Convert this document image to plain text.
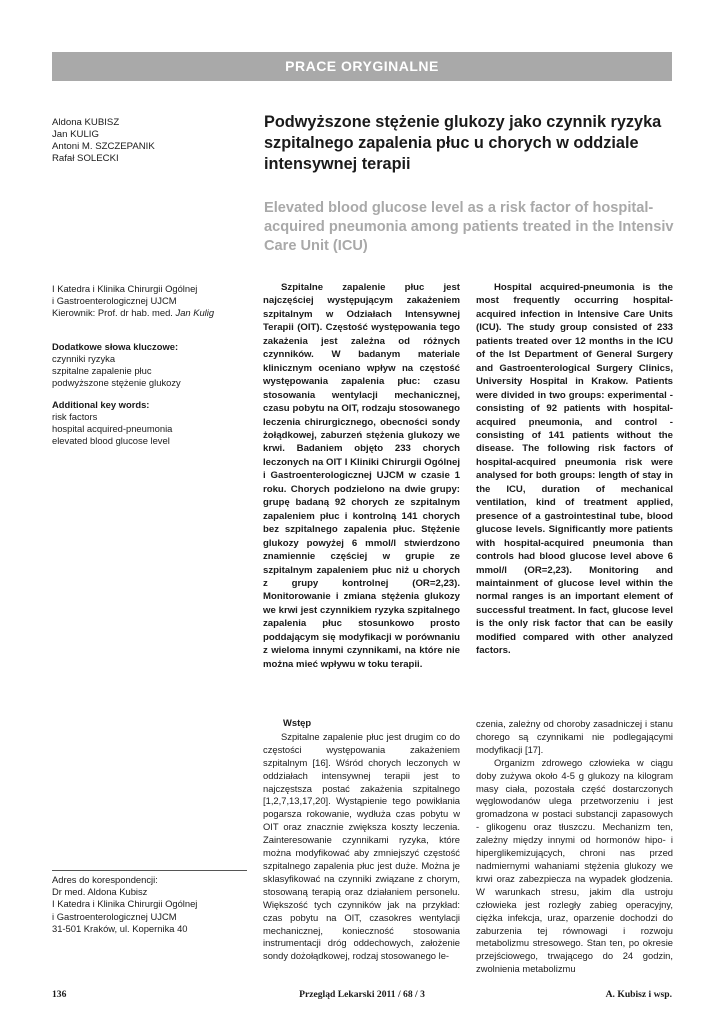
PRACE ORYGINALNE
Aldona KUBISZ
Jan KULIG
Antoni M. SZCZEPANIK
Rafał SOLECKI
Podwyższone stężenie glukozy jako czynnik ryzyka szpitalnego zapalenia płuc u chorych w oddziale intensywnej terapii
Elevated blood glucose level as a risk factor of hospital-acquired pneumonia among patients treated in the Intensiv Care Unit (ICU)
I Katedra i Klinika Chirurgii Ogólnej
i Gastroenterologicznej UJCM
Kierownik: Prof. dr hab. med. Jan Kulig
Dodatkowe słowa kluczowe:
czynniki ryzyka
szpitalne zapalenie płuc
podwyższone stężenie glukozy
Additional key words:
risk factors
hospital acquired-pneumonia
elevated blood glucose level

Szpitalne zapalenie płuc jest najczęściej występującym zakażeniem szpitalnym w Odziałach Intensywnej Terapii (OIT). Częstość występowania tego zakażenia jest zależna od różnych czynników. W badanym materiale klinicznym oceniano wpływ na częstość występowania zapalenia płuc: czasu stosowania wentylacji mechanicznej, czasu pobytu na OIT, rodzaju stosowanego leczenia chirurgicznego, obecności sondy żołądkowej, zaburzeń stężenia glukozy we krwi. Badaniem objęto 233 chorych leczonych na OIT I Kliniki Chirurgii Ogólnej i Gastroenterologicznej UJCM w czasie 1 roku. Chorych podzielono na dwie grupy: grupę badaną 92 chorych ze szpitalnym zapaleniem płuc i kontrolną 141 chorych bez szpitalnego zapalenia płuc. Stężenie glukozy powyżej 6 mmol/l stwierdzono znamiennie częściej w grupie ze szpitalnym zapaleniem płuc niż u chorych z grupy kontrolnej (OR=2,23). Monitorowanie i zmiana stężenia glukozy we krwi jest czynnikiem ryzyka szpitalnego zapalenia płuc stosunkowo prosto poddającym się modyfikacji w porównaniu z wieloma innymi czynnikami, na które nie można mieć wpływu w toku terapii.

Hospital acquired-pneumonia is the most frequently occurring hospital-acquired infection in Intensive Care Units (ICU). The study group consisted of 233 patients treated over 12 months in the ICU of the Ist Department of General Surgery and Gastroenterological Surgery Clinics, University Hospital in Krakow. Patients were divided in two groups: experimental - consisting of 92 patients with hospital-acquired pneumonia, and control - consisting of 141 patients without the disease. The following risk factors of hospital-acquired pneumonia risk were analysed for both groups: length of stay in the ICU, duration of mechanical ventilation, kind of treatment applied, presence of a gastrointestinal tube, blood glucose levels. Significantly more patients with hospital-acquired pneumonia than controls had blood glucose level above 6 mmol/l (OR=2,23). Monitoring and maintainment of glucose level within the normal ranges is an important element of successful treatment. In fact, glucose level is the only risk factor that can be easily modified compared with other analyzed factors.

Wstęp

Szpitalne zapalenie płuc jest drugim co do częstości występowania zakażeniem szpitalnym [16]. Wśród chorych leczonych w oddziałach intensywnej terapii jest to najczęstsza postać zakażenia szpitalnego [1,2,7,13,17,20]. Wystąpienie tego powikłania pogarsza rokowanie, wydłuża czas pobytu w OIT oraz znacznie zwiększa koszty leczenia. Zainteresowanie czynnikami ryzyka, które można modyfikować aby zmniejszyć częstość szpitalnego zapalenia płuc jest duże. Można je sklasyfikować na czynniki związane z chorym, stosowaną terapią oraz działaniem personelu. Większość tych czynników jak na przykład: czas pobytu na OIT, czasokres wentylacji mechanicznej, konieczność stosowania instrumentacji dróg oddechowych, założenie sondy dożołądkowej, rodzaj stosowanego le-

czenia, zależny od choroby zasadniczej i stanu chorego są czynnikami nie podlegającymi modyfikacji [17].

Organizm zdrowego człowieka w ciągu doby zużywa około 4-5 g glukozy na kilogram masy ciała, pozostała część dostarczonych węglowodanów ulega przetworzeniu i jest gromadzona w postaci substancji zapasowych - glikogenu oraz tłuszczu. Mechanizm ten, zależny między innymi od hormonów hipo- i hiperglikemizujących, chroni nas przed nadmiernymi wahaniami stężenia glukozy we krwi oraz zabezpiecza na wypadek głodzenia. W warunkach stresu, jakim dla ustroju człowieka jest rozległy zabieg operacyjny, ciężka infekcja, uraz, oparzenie dochodzi do zaburzenia tej równowagi i rozwoju metabolizmu stresowego. Stan ten, po okresie przejściowego, trwającego do 24 godzin, zwolnienia metabolizmu

Adres do korespondencji:
Dr med. Aldona Kubisz
I Katedra i Klinika Chirurgii Ogólnej
i Gastroenterologicznej UJCM
31-501 Kraków, ul. Kopernika 40
Przegląd Lekarski 2011 / 68 / 3
136	A. Kubisz i wsp.
